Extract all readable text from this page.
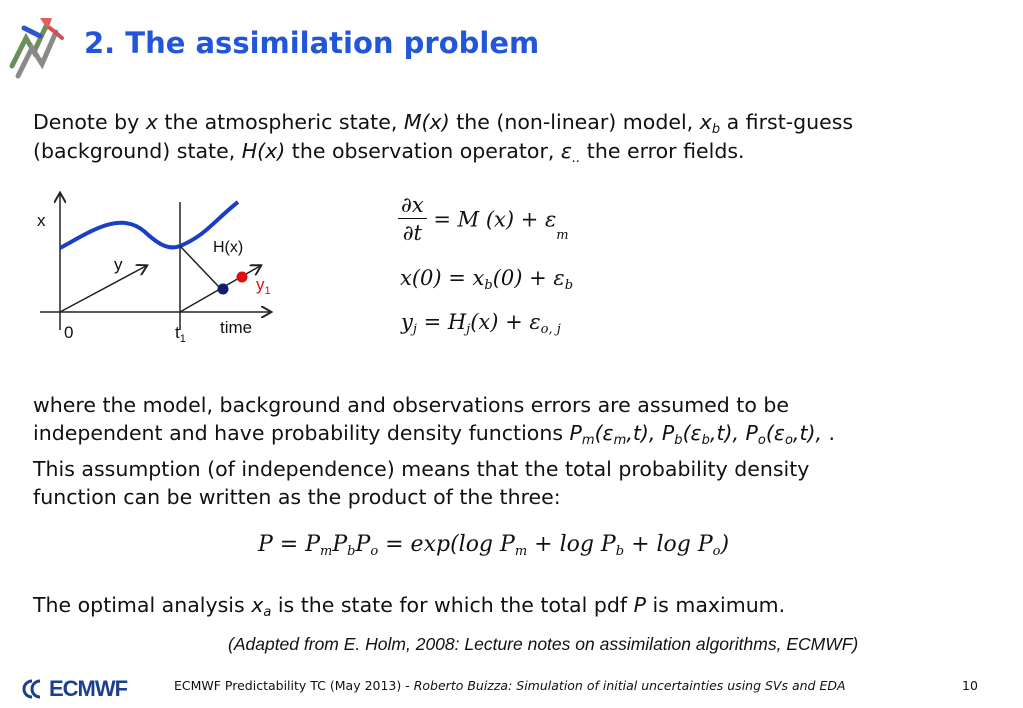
2. The assimilation problem
Denote by x the atmospheric state, M(x) the (non-linear) model, $x_b$ a first-guess
(background) state, H(x) the observation operator, $\varepsilon_{..}$ the error fields.
x
y
H(x)
$y_1$
0	$t_1$
time
$\frac{\partial x}{\partial t} = M$ $(x) + \varepsilon_m$
$x(0) = x_b(0) + \varepsilon_b$
$y_j = H_j(x) + \varepsilon_{o, j}$
where the model, background and observations errors are assumed to be
independent and have probability density functions $P_m(\varepsilon_m,t)$, $P_b(\varepsilon_b,t)$, $P_o(\varepsilon_o,t)$, .
This assumption (of independence) means that the total probability density
function can be written as the product of the three:
$P = P_mP_bP_o = \exp(\log$ $P_m + \log P_b + \log P_o$)
The optimal analysis $x_a$ is the state for which the total pdf P is maximum.
(Adapted from E. Holm, 2008: Lecture notes on assimilation algorithms, ECMWF)
ECMWF	ECMWF Predictability TC (May 2013) - Roberto Buizza: Simulation of initial uncertainties using SVs and EDA	10
